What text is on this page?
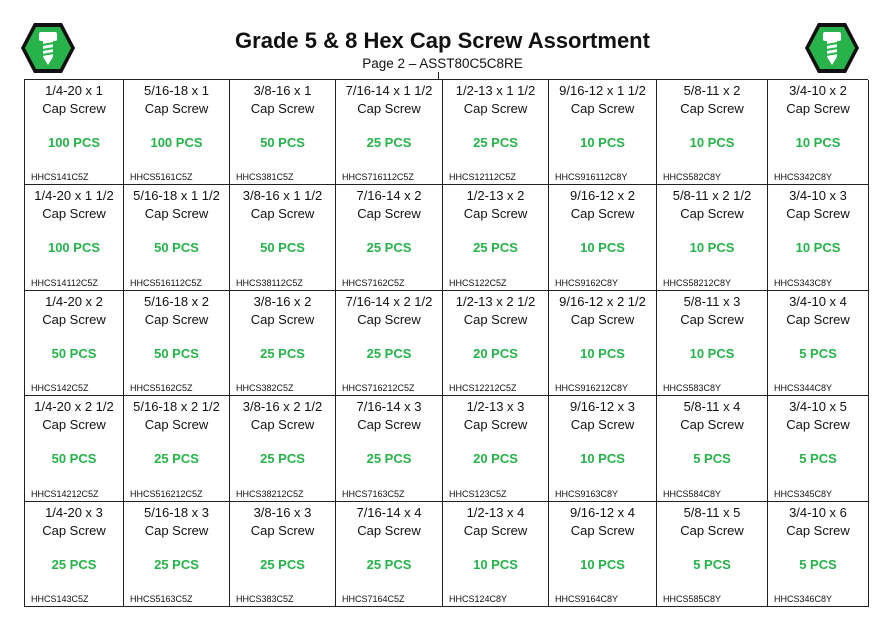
Grade 5 & 8 Hex Cap Screw Assortment
Page 2 – ASST80C5C8RE
1/4-20 x 1
Cap Screw
100 PCS
HHCS141C5Z
5/16-18 x 1
Cap Screw
100 PCS
HHCS5161C5Z
3/8-16 x 1
Cap Screw
50 PCS
HHCS381C5Z
7/16-14 x 1 1/2
Cap Screw
25 PCS
HHCS716112C5Z
1/2-13 x 1 1/2
Cap Screw
25 PCS
HHCS12112C5Z
9/16-12 x 1 1/2
Cap Screw
10 PCS
HHCS916112C8Y
5/8-11 x 2
Cap Screw
10 PCS
HHCS582C8Y
3/4-10 x 2
Cap Screw
10 PCS
HHCS342C8Y
1/4-20 x 1 1/2
Cap Screw
100 PCS
HHCS14112C5Z
5/16-18 x 1 1/2
Cap Screw
50 PCS
HHCS516112C5Z
3/8-16 x 1 1/2
Cap Screw
50 PCS
HHCS38112C5Z
7/16-14 x 2
Cap Screw
25 PCS
HHCS7162C5Z
1/2-13 x 2
Cap Screw
25 PCS
HHCS122C5Z
9/16-12 x 2
Cap Screw
10 PCS
HHCS9162C8Y
5/8-11 x 2 1/2
Cap Screw
10 PCS
HHCS58212C8Y
3/4-10 x 3
Cap Screw
10 PCS
HHCS343C8Y
1/4-20 x 2
Cap Screw
50 PCS
HHCS142C5Z
5/16-18 x 2
Cap Screw
50 PCS
HHCS5162C5Z
3/8-16 x 2
Cap Screw
25 PCS
HHCS382C5Z
7/16-14 x 2 1/2
Cap Screw
25 PCS
HHCS716212C5Z
1/2-13 x 2 1/2
Cap Screw
20 PCS
HHCS12212C5Z
9/16-12 x 2 1/2
Cap Screw
10 PCS
HHCS916212C8Y
5/8-11 x 3
Cap Screw
10 PCS
HHCS583C8Y
3/4-10 x 4
Cap Screw
5 PCS
HHCS344C8Y
1/4-20 x 2 1/2
Cap Screw
50 PCS
HHCS14212C5Z
5/16-18 x 2 1/2
Cap Screw
25 PCS
HHCS516212C5Z
3/8-16 x 2 1/2
Cap Screw
25 PCS
HHCS38212C5Z
7/16-14 x 3
Cap Screw
25 PCS
HHCS7163C5Z
1/2-13 x 3
Cap Screw
20 PCS
HHCS123C5Z
9/16-12 x 3
Cap Screw
10 PCS
HHCS9163C8Y
5/8-11 x 4
Cap Screw
5 PCS
HHCS584C8Y
3/4-10 x 5
Cap Screw
5 PCS
HHCS345C8Y
1/4-20 x 3
Cap Screw
25 PCS
HHCS143C5Z
5/16-18 x 3
Cap Screw
25 PCS
HHCS5163C5Z
3/8-16 x 3
Cap Screw
25 PCS
HHCS383C5Z
7/16-14 x 4
Cap Screw
25 PCS
HHCS7164C5Z
1/2-13 x 4
Cap Screw
10 PCS
HHCS124C8Y
9/16-12 x 4
Cap Screw
10 PCS
HHCS9164C8Y
5/8-11 x 5
Cap Screw
5 PCS
HHCS585C8Y
3/4-10 x 6
Cap Screw
5 PCS
HHCS346C8Y
